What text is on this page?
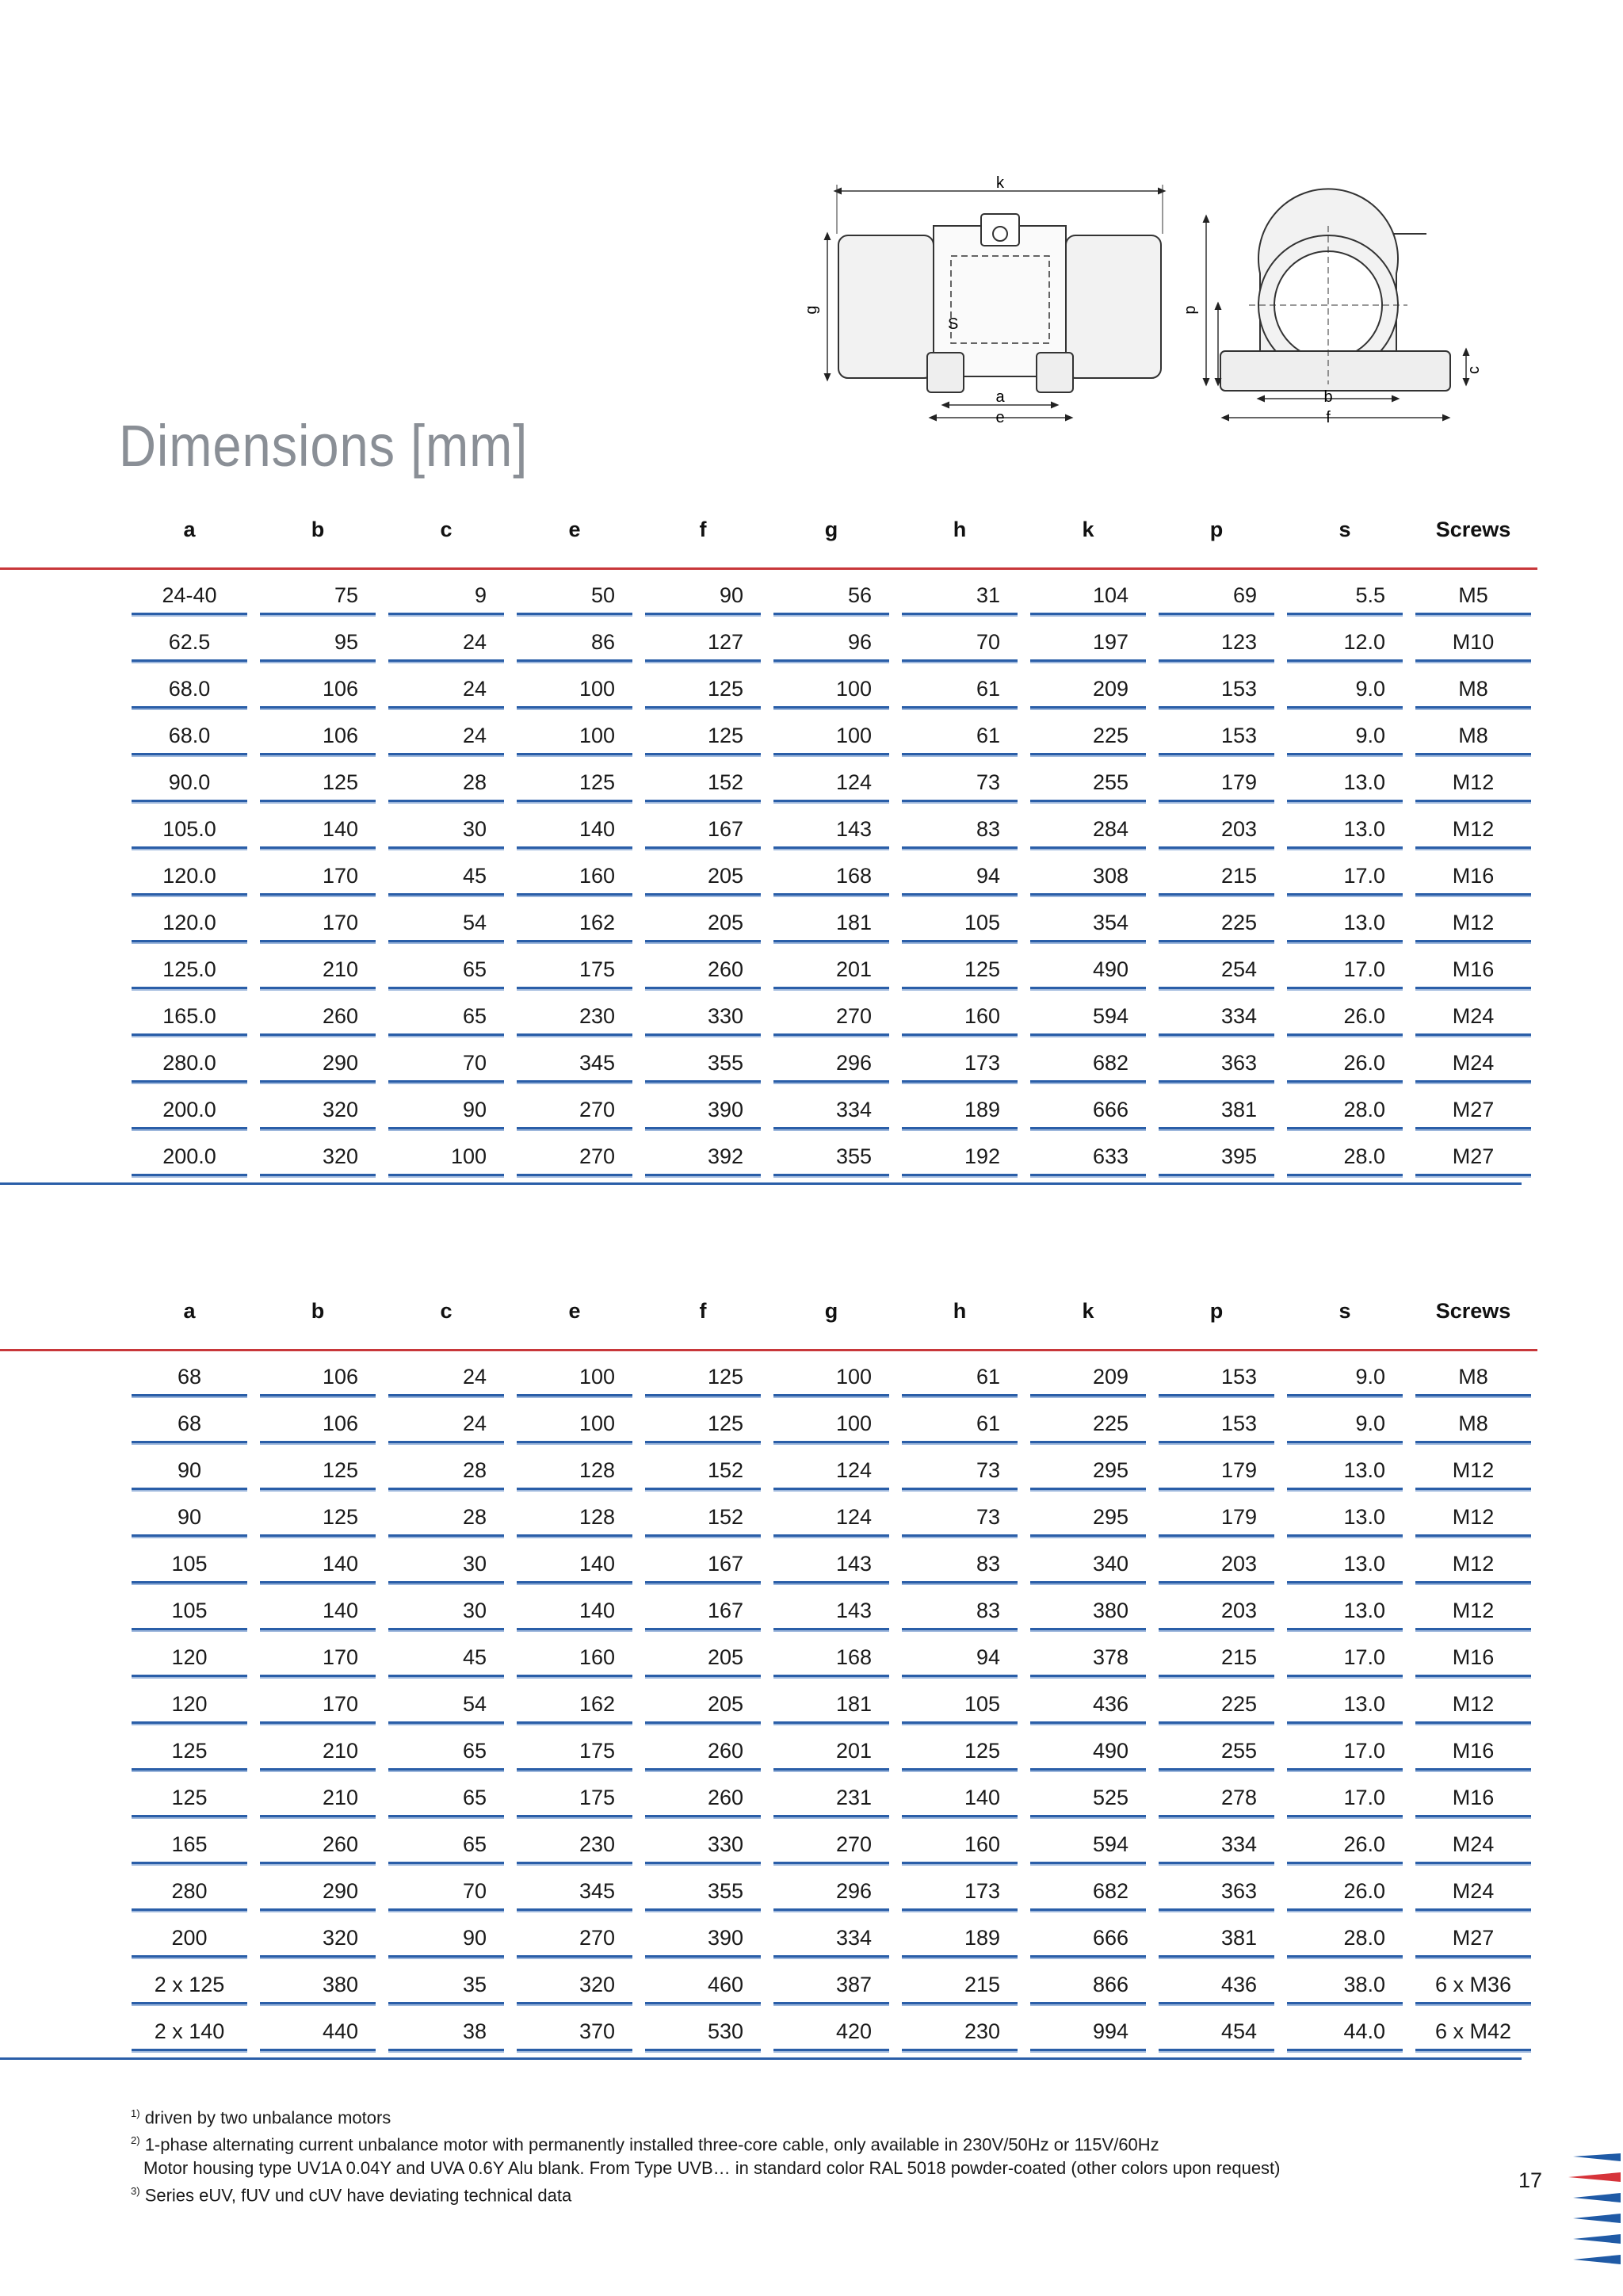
k
g
S
a
e
p
c
b
f
Dimensions [mm]
	a	b	c	e	f	g	h	k	p	s	Screws	

	24-40	75	9	50	90	56	31	104	69	5.5	M5	

	62.5	95	24	86	127	96	70	197	123	12.0	M10	

	68.0	106	24	100	125	100	61	209	153	9.0	M8	

	68.0	106	24	100	125	100	61	225	153	9.0	M8	

	90.0	125	28	125	152	124	73	255	179	13.0	M12	

	105.0	140	30	140	167	143	83	284	203	13.0	M12	

	120.0	170	45	160	205	168	94	308	215	17.0	M16	

	120.0	170	54	162	205	181	105	354	225	13.0	M12	

	125.0	210	65	175	260	201	125	490	254	17.0	M16	

	165.0	260	65	230	330	270	160	594	334	26.0	M24	

	280.0	290	70	345	355	296	173	682	363	26.0	M24	

	200.0	320	90	270	390	334	189	666	381	28.0	M27	

	200.0	320	100	270	392	355	192	633	395	28.0	M27	

	a	b	c	e	f	g	h	k	p	s	Screws	

	68	106	24	100	125	100	61	209	153	9.0	M8	

	68	106	24	100	125	100	61	225	153	9.0	M8	

	90	125	28	128	152	124	73	295	179	13.0	M12	

	90	125	28	128	152	124	73	295	179	13.0	M12	

	105	140	30	140	167	143	83	340	203	13.0	M12	

	105	140	30	140	167	143	83	380	203	13.0	M12	

	120	170	45	160	205	168	94	378	215	17.0	M16	

	120	170	54	162	205	181	105	436	225	13.0	M12	

	125	210	65	175	260	201	125	490	255	17.0	M16	

	125	210	65	175	260	231	140	525	278	17.0	M16	

	165	260	65	230	330	270	160	594	334	26.0	M24	

	280	290	70	345	355	296	173	682	363	26.0	M24	

	200	320	90	270	390	334	189	666	381	28.0	M27	

	2 x 125	380	35	320	460	387	215	866	436	38.0	6 x M36	

	2 x 140	440	38	370	530	420	230	994	454	44.0	6 x M42	

$^{1)}$ driven by two unbalance motors
$^{2)}$ 1-phase alternating current unbalance motor with permanently installed three-core cable, only available in 230V/50Hz or 115V/60Hz
Motor housing type UV1A 0.04Y and UVA 0.6Y Alu blank. From Type UVB… in standard color RAL 5018 powder-coated (other colors upon request)
$^{3)}$ Series eUV, fUV und cUV have deviating technical data
17
